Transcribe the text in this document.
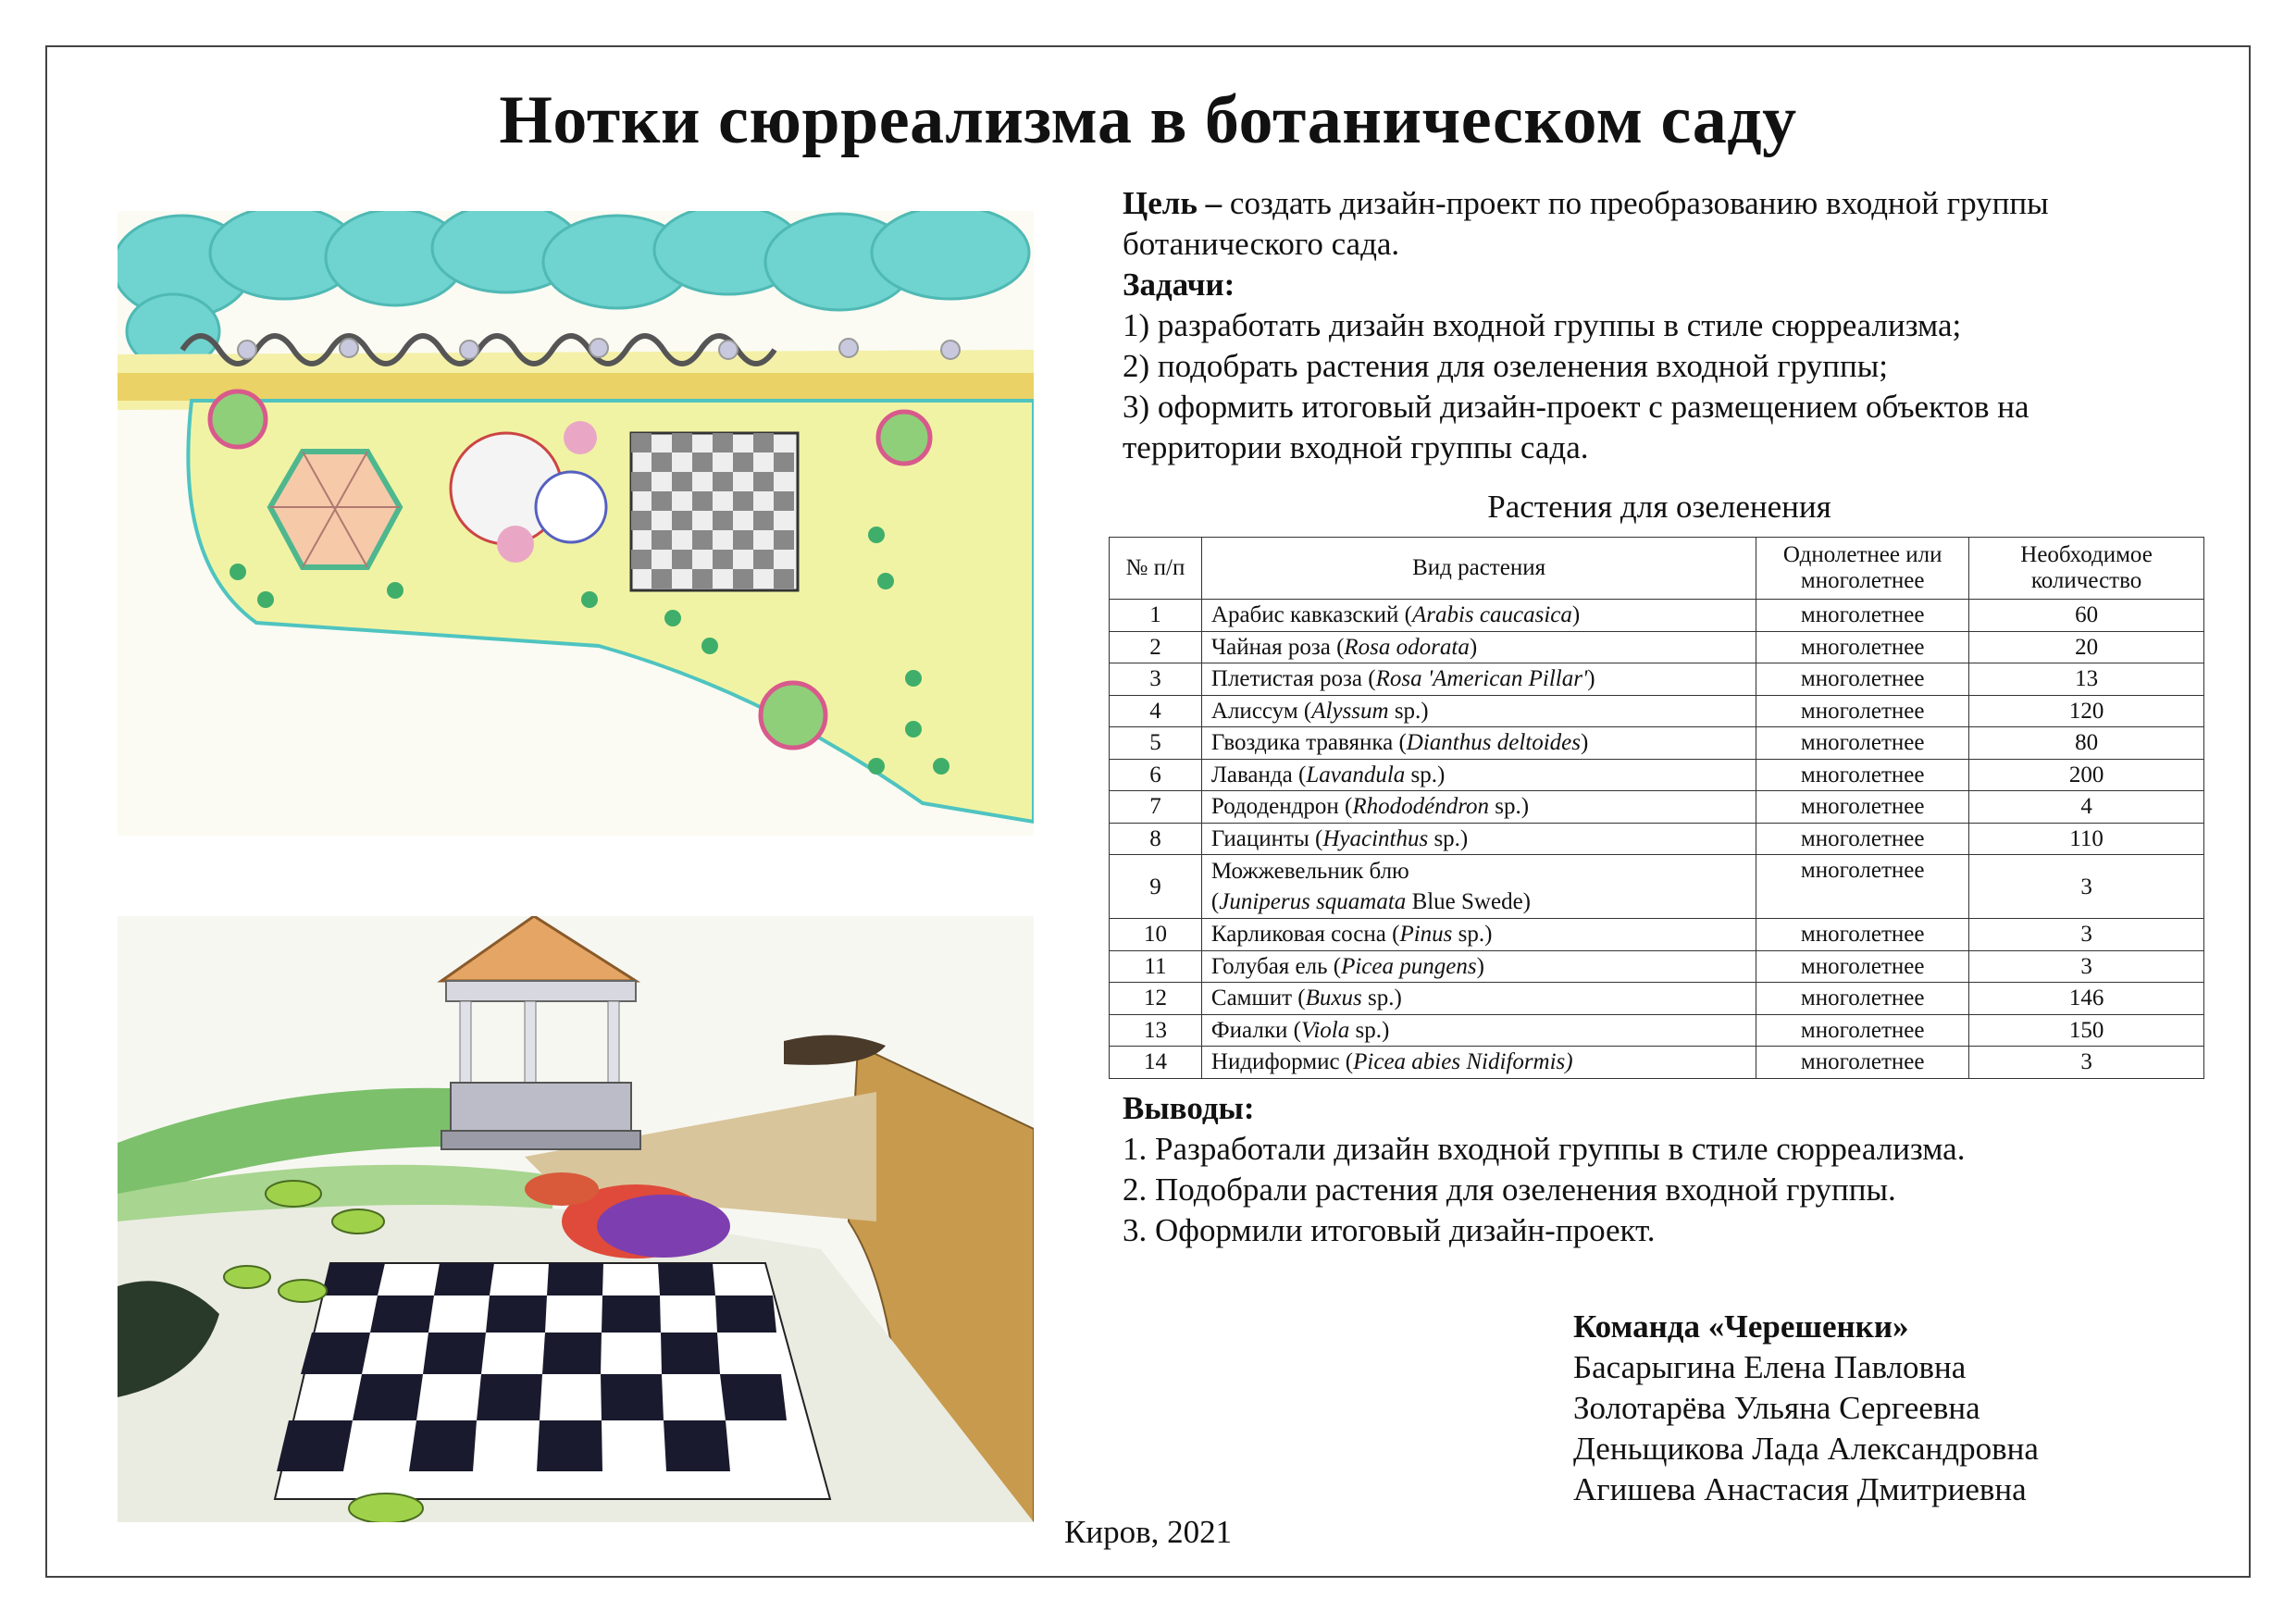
Нотки сюрреализма в ботаническом саду

Цель – создать дизайн-проект по преобразованию входной группы ботанического сада.

Задачи:

1) разработать дизайн входной группы в стиле сюрреализма;

2) подобрать растения для озеленения входной группы;

3) оформить итоговый дизайн-проект с размещением объектов на территории входной группы сада.

Растения для озеленения
№ п/п	Вид растения	Однолетнее или многолетнее	Необходимое количество
1	Арабис кавказский (Arabis caucasica)	многолетнее	60
2	Чайная роза (Rosa odorata)	многолетнее	20
3	Плетистая роза (Rosa 'American Pillar')	многолетнее	13
4	Алиссум (Alyssum sp.)	многолетнее	120
5	Гвоздика травянка (Dianthus deltoides)	многолетнее	80
6	Лаванда (Lavandula sp.)	многолетнее	200
7	Рододендрон (Rhododéndron sp.)	многолетнее	4
8	Гиацинты (Hyacinthus sp.)	многолетнее	110
9	Можжевельник блю
(Juniperus squamata Blue Swede)	многолетнее	3
10	Карликовая сосна (Pinus sp.)	многолетнее	3
11	Голубая ель (Picea pungens)	многолетнее	3
12	Самшит (Buxus sp.)	многолетнее	146
13	Фиалки (Viola sp.)	многолетнее	150
14	Нидиформис (Picea abies Nidiformis)	многолетнее	3

Выводы:

1. Разработали дизайн входной группы в стиле сюрреализма.

2. Подобрали растения для озеленения входной группы.

3. Оформили итоговый дизайн-проект.

Команда «Черешенки»

Басарыгина Елена Павловна

Золотарёва Ульяна Сергеевна

Деньщикова Лада Александровна

Агишева Анастасия Дмитриевна

Киров, 2021
